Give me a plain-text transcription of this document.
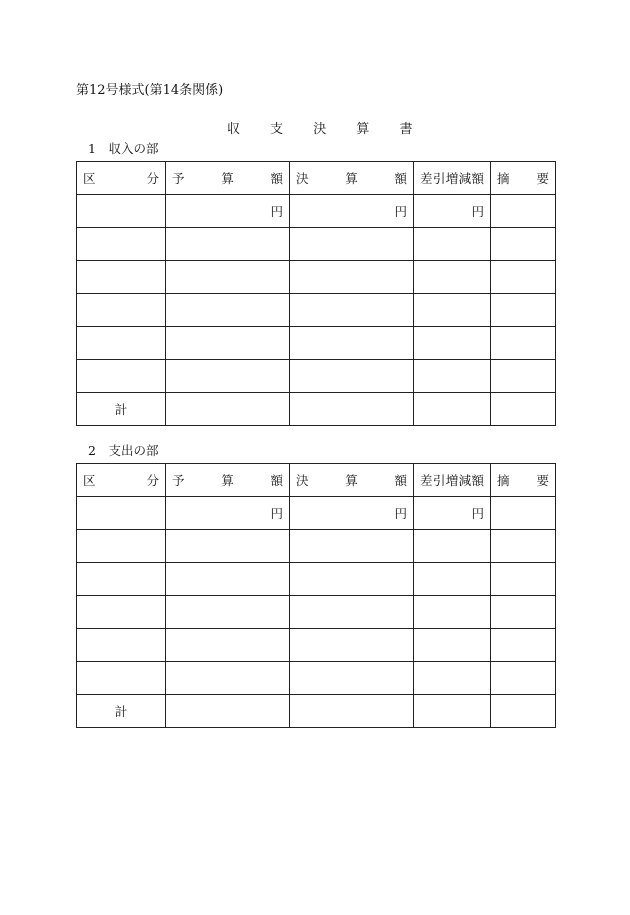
第12号様式(第14条関係)
収 支 決 算 書
1　収入の部
区 分	予 算 額	決 算 額	差引増減額	摘 要
	円	円	円	

計				
2　支出の部
区 分	予 算 額	決 算 額	差引増減額	摘 要
	円	円	円	

計				
